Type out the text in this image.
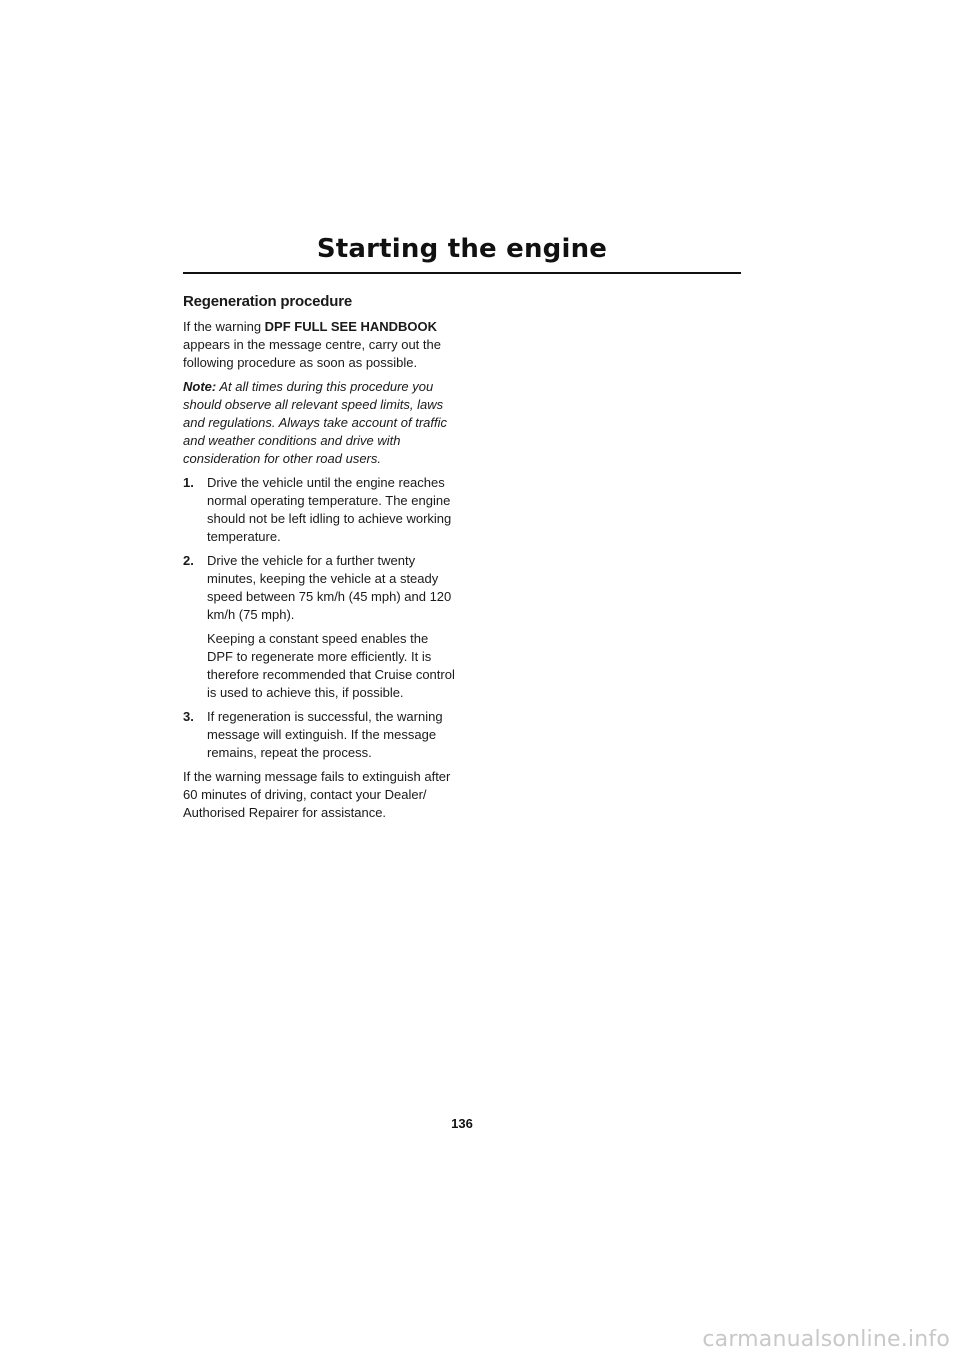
Starting the engine
Regeneration procedure

If the warning DPF FULL SEE HANDBOOK appears in the message centre, carry out the following procedure as soon as possible.

Note: At all times during this procedure you should observe all relevant speed limits, laws and regulations. Always take account of traffic and weather conditions and drive with consideration for other road users.

1.	Drive the vehicle until the engine reaches normal operating temperature. The engine should not be left idling to achieve working temperature.

2.	Drive the vehicle for a further twenty minutes, keeping the vehicle at a steady speed between 75 km/h (45 mph) and 120 km/h (75 mph).

Keeping a constant speed enables the DPF to regenerate more efficiently. It is therefore recommended that Cruise control is used to achieve this, if possible.

3.	If regeneration is successful, the warning message will extinguish. If the message remains, repeat the process.

If the warning message fails to extinguish after 60 minutes of driving, contact your Dealer/ Authorised Repairer for assistance.

136
carmanualsonline.info
